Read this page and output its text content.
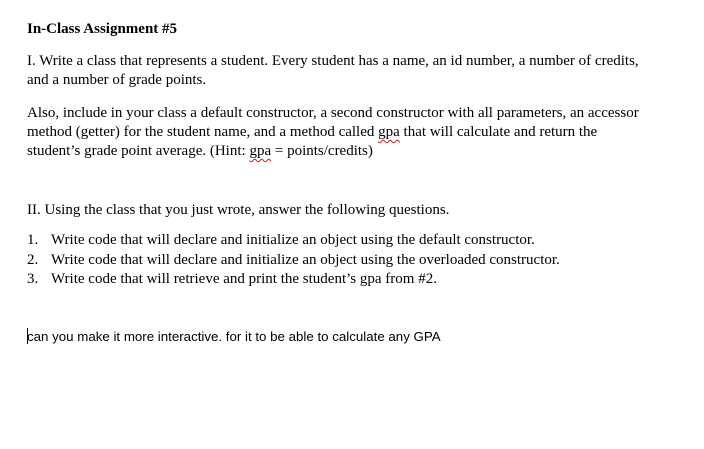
In-Class Assignment #5
I. Write a class that represents a student. Every student has a name, an id number, a number of credits, and a number of grade points.
Also, include in your class a default constructor, a second constructor with all parameters, an accessor method (getter) for the student name, and a method called gpa that will calculate and return the student’s grade point average. (Hint: gpa = points/credits)
II. Using the class that you just wrote, answer the following questions.
1. Write code that will declare and initialize an object using the default constructor.
2. Write code that will declare and initialize an object using the overloaded constructor.
3. Write code that will retrieve and print the student’s gpa from #2.
can you make it more interactive. for it to be able to calculate any GPA
